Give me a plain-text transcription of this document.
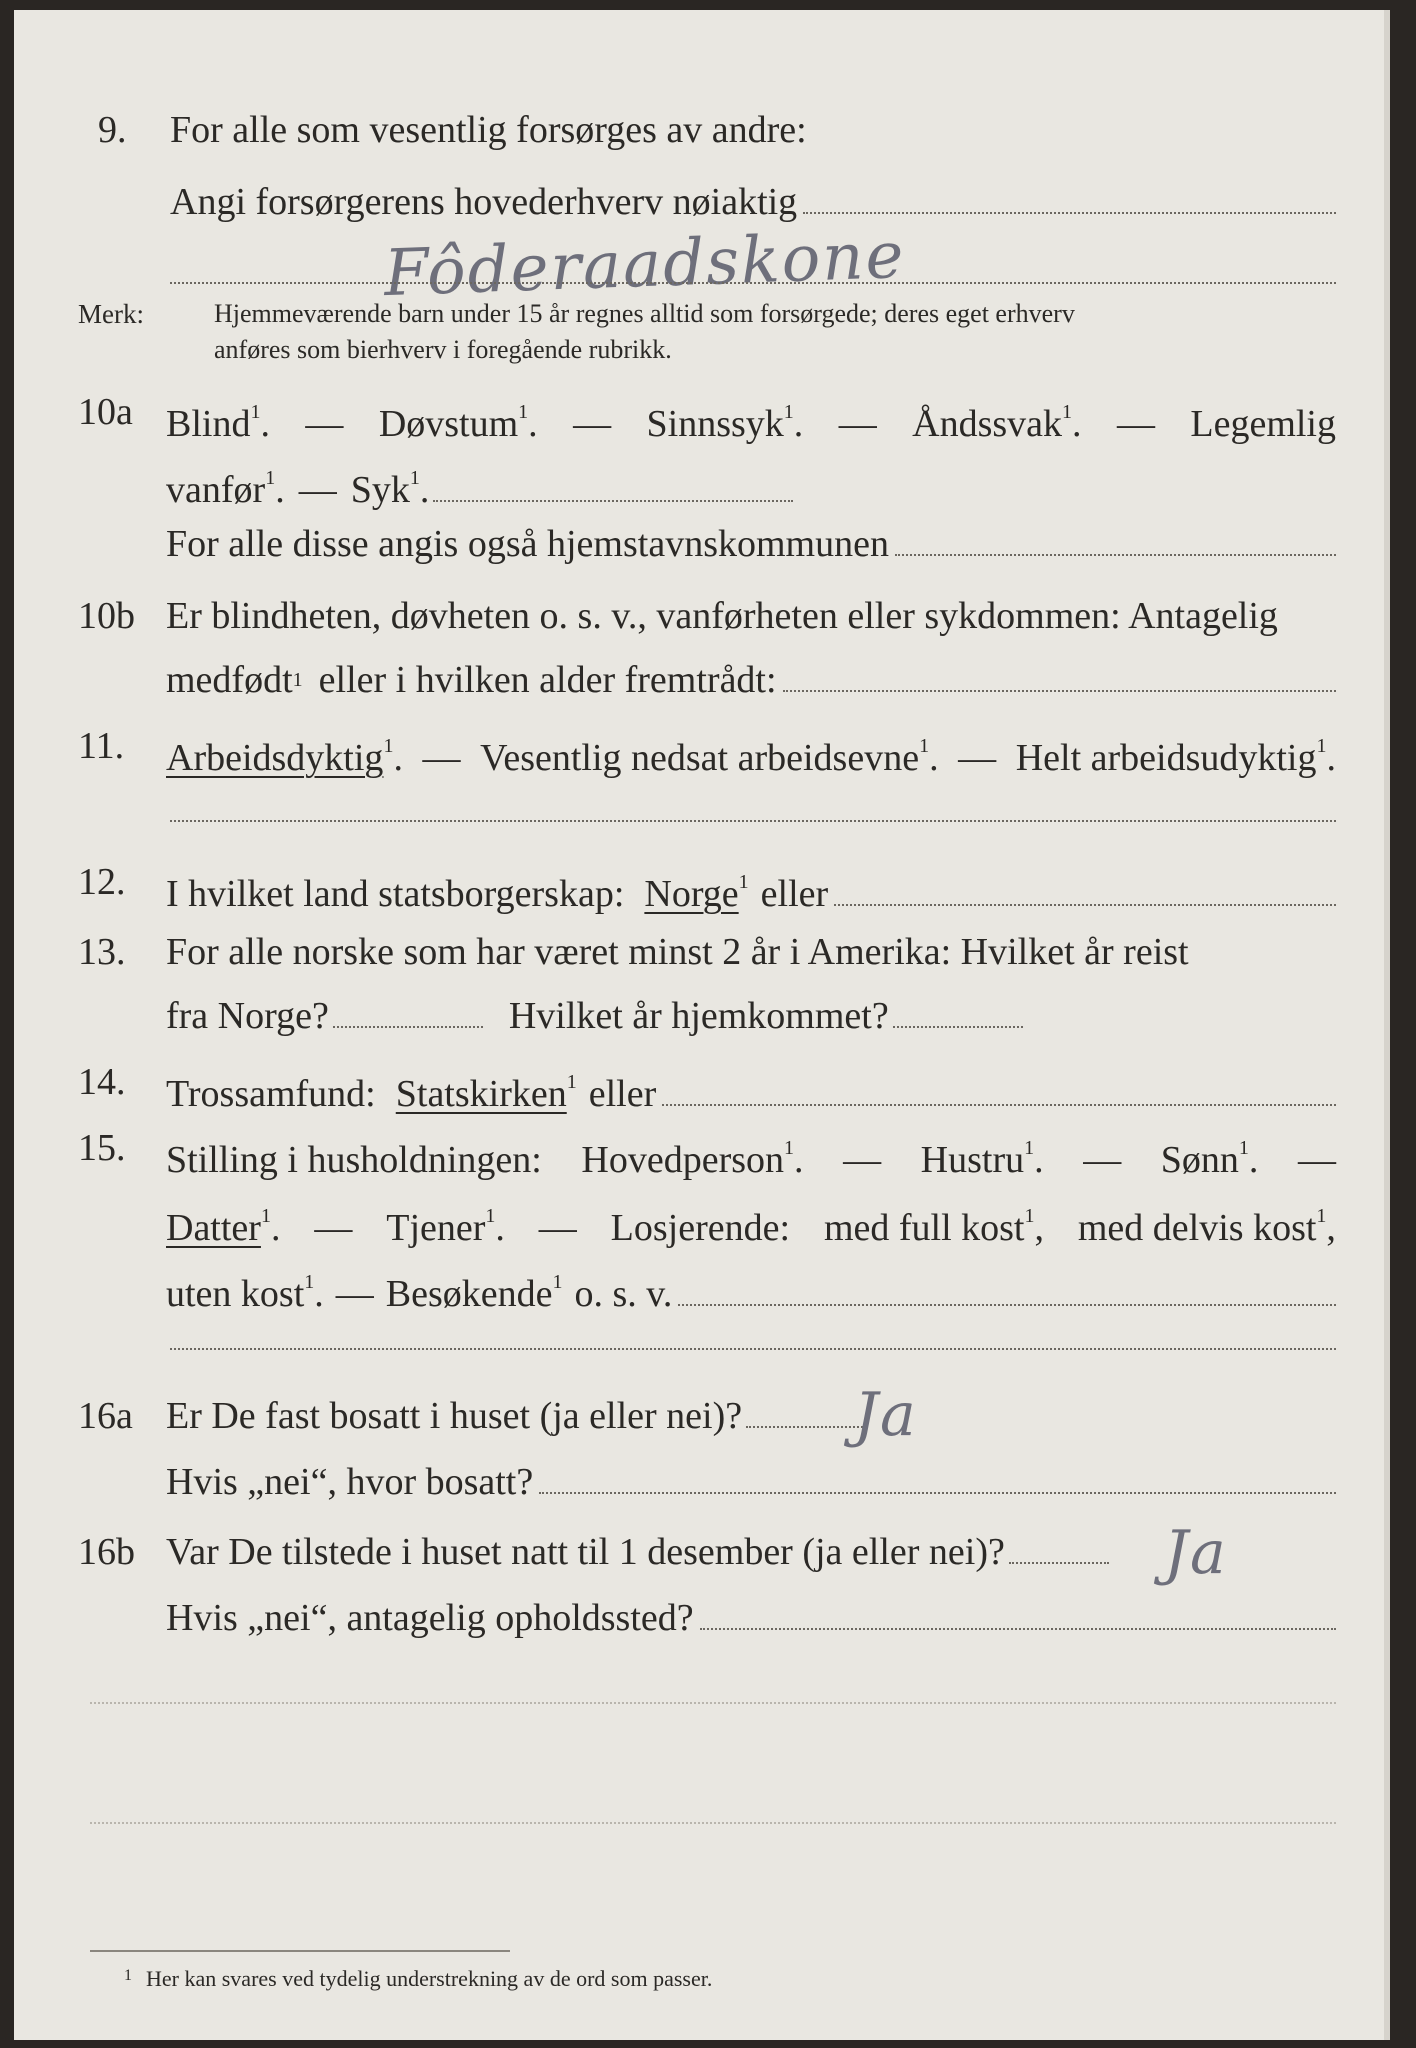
9.	For alle som vesentlig forsørges av andre:
Angi forsørgerens hovederhverv nøiaktig
Fôderaadskone
Merk:	Hjemmeværende barn under 15 år regnes alltid som forsørgede; deres eget erhverv
anføres som bierhverv i foregående rubrikk.
10a Blind$^1$. — Døvstum$^1$. — Sinnssyk$^1$. — Åndssvak$^1$. — Legemlig
vanfør$^1$. — Syk$^1$.
For alle disse angis også hjemstavnskommunen
10b Er blindheten, døvheten o. s. v., vanførheten eller sykdommen: Antagelig
medfødt 1 eller i hvilken alder fremtrådt:
11.	Arbeidsdyktig$^1$. — Vesentlig nedsat arbeidsevne$^1$. — Helt arbeidsudyktig$^1$.
12.	I hvilket land statsborgerskap: Norge$^1$ eller
13.	For alle norske som har været minst 2 år i Amerika: Hvilket år reist
fra Norge?	Hvilket år hjemkommet?
14.	Trossamfund: Statskirken$^1$ eller
15.	Stilling i husholdningen: Hovedperson$^1$. — Hustru$^1$. — Sønn$^1$. —
Datter$^1$. — Tjener$^1$. — Losjerende: med full kost$^1$, med delvis kost$^1$,
uten kost$^1$. — Besøkende$^1$ o. s. v.
16a Er De fast bosatt i huset (ja eller nei)? Ja
Hvis „nei“, hvor bosatt?
16b Var De tilstede i huset natt til 1 desember (ja eller nei)?	Ja
Hvis „nei“, antagelig opholdssted?
$^1$ Her kan svares ved tydelig understrekning av de ord som passer.
